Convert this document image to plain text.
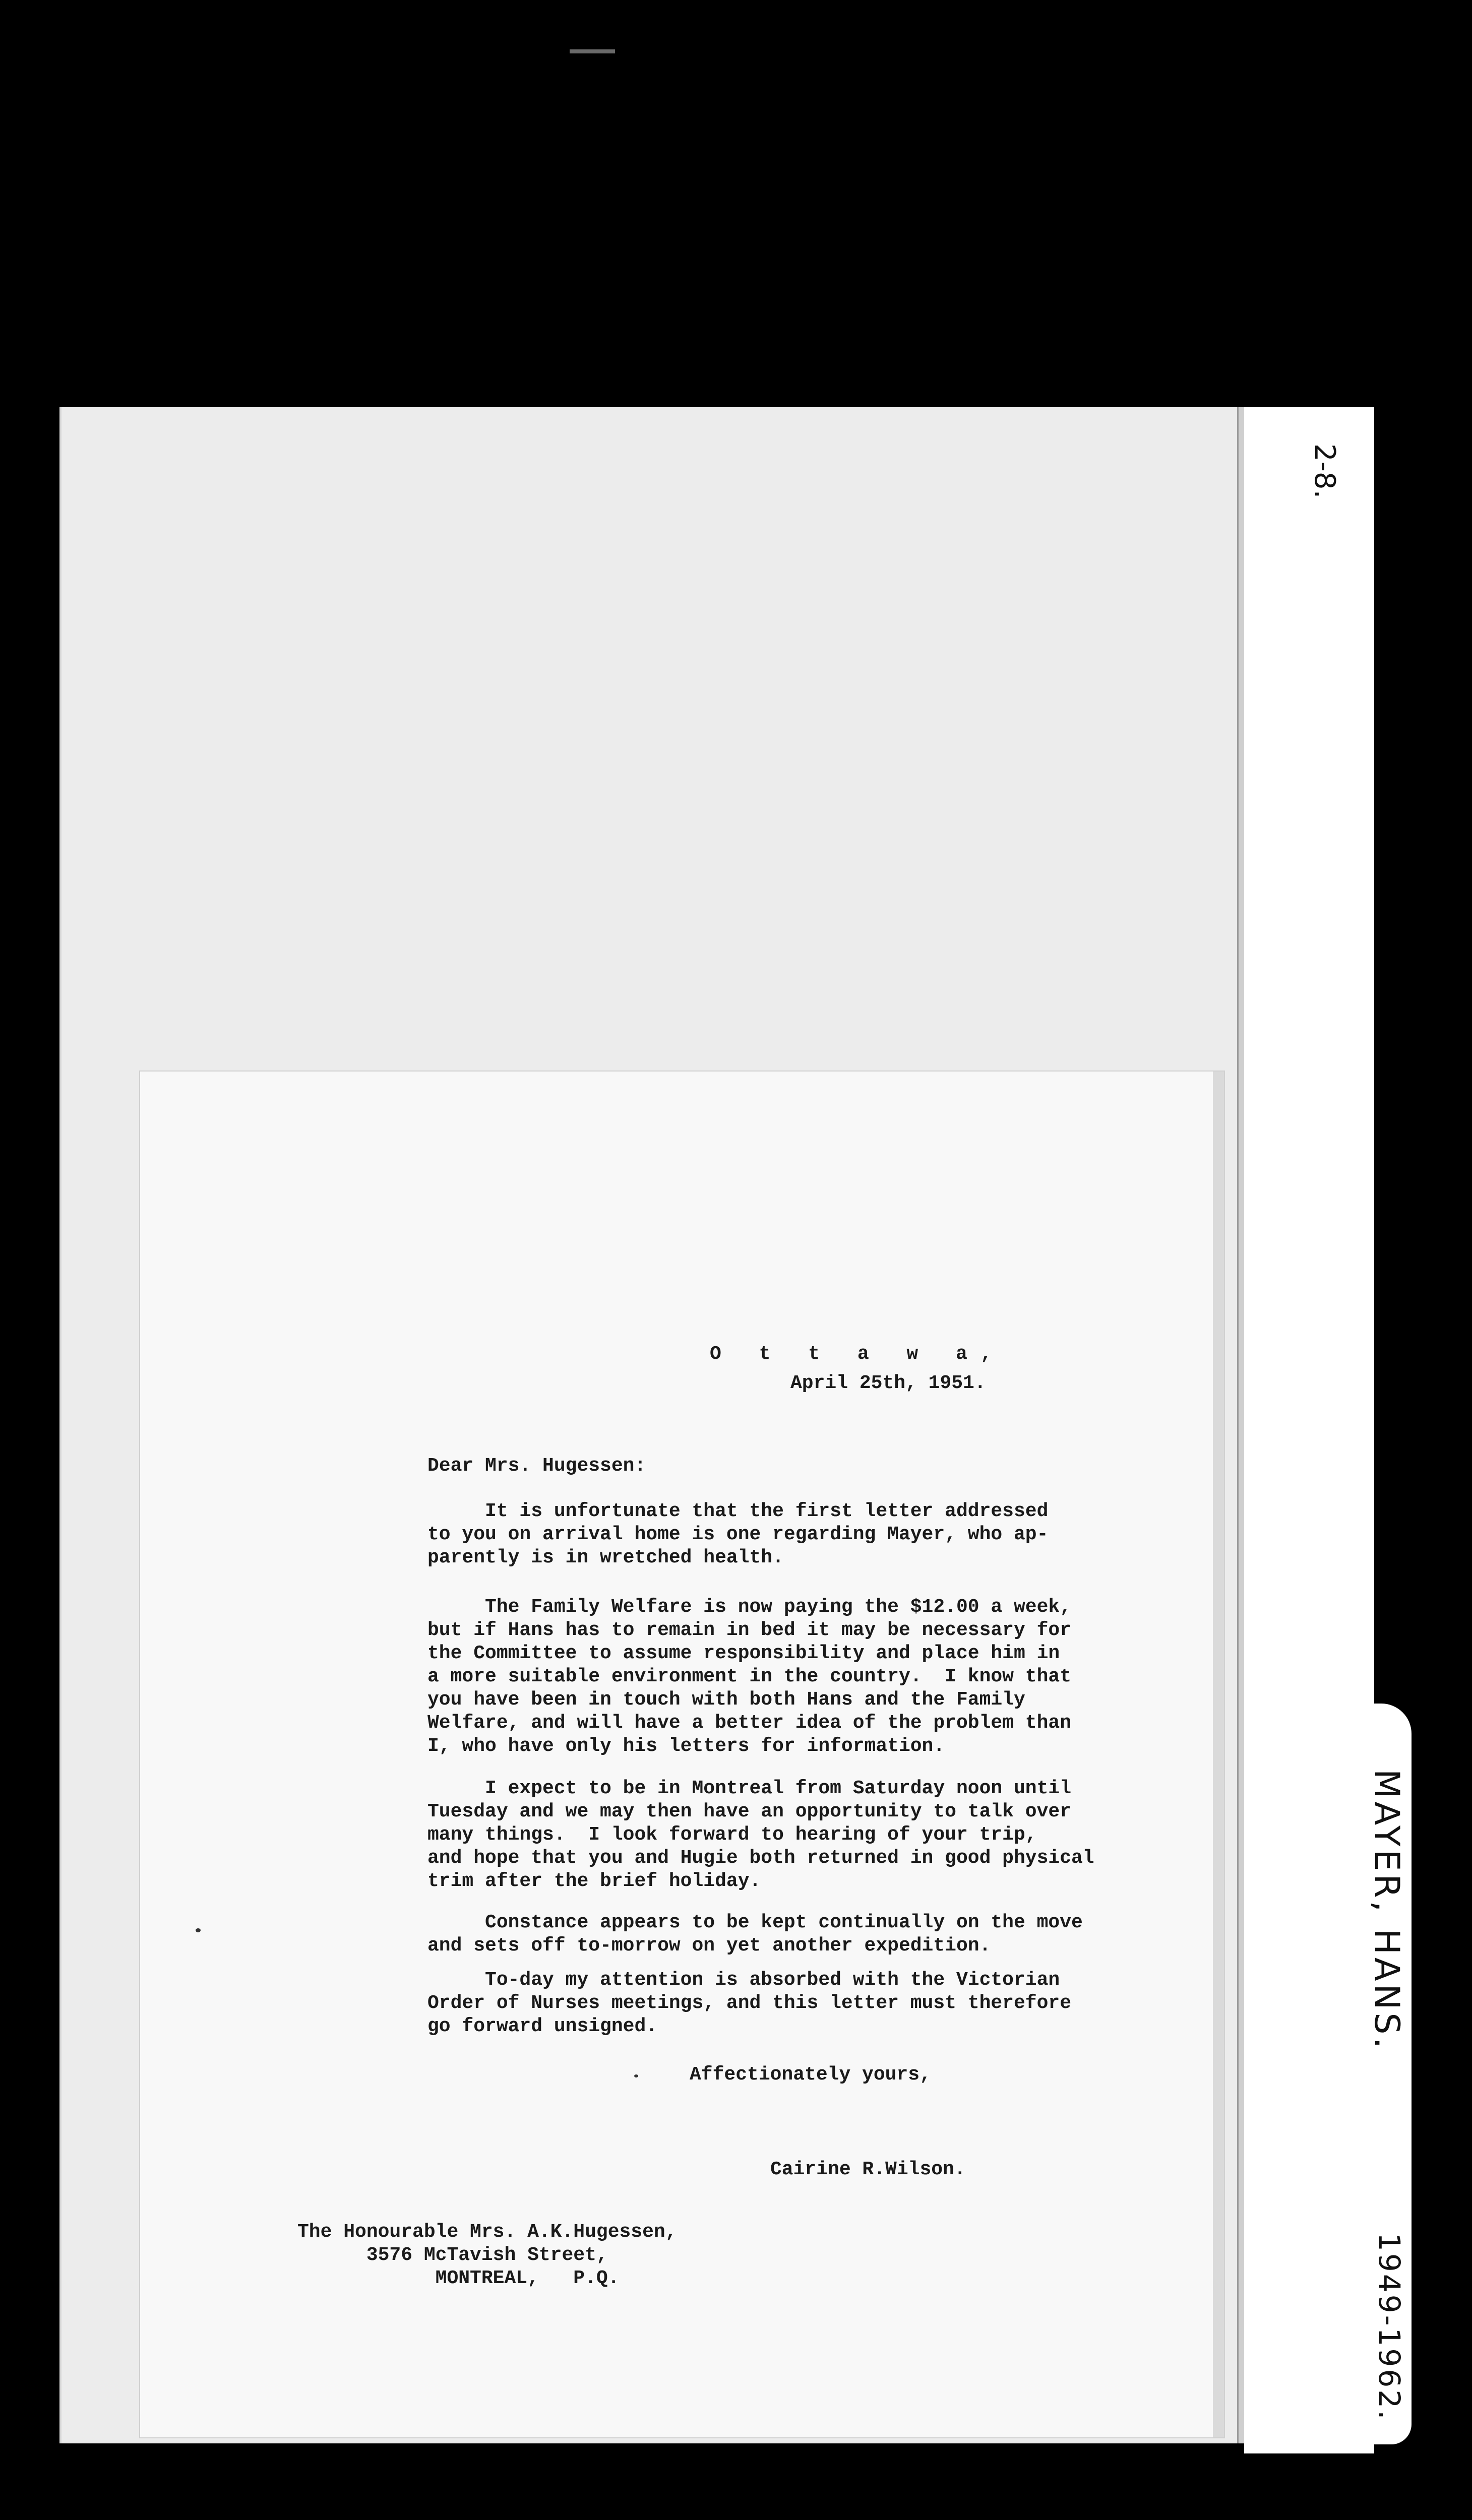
2-8.
MAYER, HANS.
1949-1962.
O t t a w a,
April 25th, 1951.
Dear Mrs. Hugessen:
It is unfortunate that the first letter addressed
to you on arrival home is one regarding Mayer, who ap-
parently is in wretched health.
The Family Welfare is now paying the $12.00 a week,
but if Hans has to remain in bed it may be necessary for
the Committee to assume responsibility and place him in
a more suitable environment in the country.  I know that
you have been in touch with both Hans and the Family
Welfare, and will have a better idea of the problem than
I, who have only his letters for information.
I expect to be in Montreal from Saturday noon until
Tuesday and we may then have an opportunity to talk over
many things.  I look forward to hearing of your trip,
and hope that you and Hugie both returned in good physical
trim after the brief holiday.
Constance appears to be kept continually on the move
and sets off to-morrow on yet another expedition.
To-day my attention is absorbed with the Victorian
Order of Nurses meetings, and this letter must therefore
go forward unsigned.
Affectionately yours,
Cairine R.Wilson.
The Honourable Mrs. A.K.Hugessen,
3576 McTavish Street,
MONTREAL,   P.Q.
